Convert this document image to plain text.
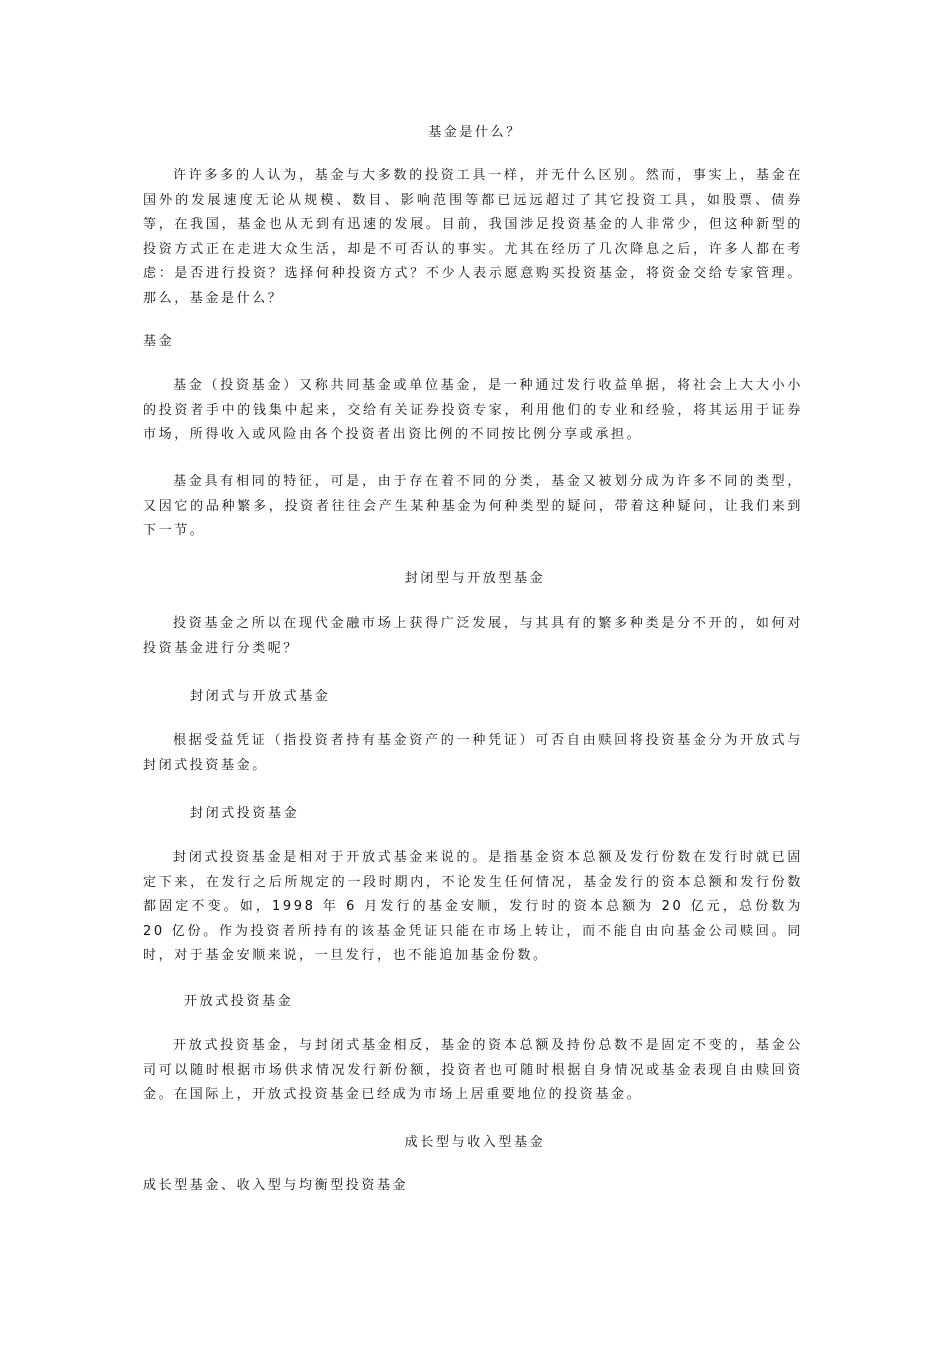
基金是什么？

许许多多的人认为，基金与大多数的投资工具一样，并无什么区别。然而，事实上，基金在国外的发展速度无论从规模、数目、影响范围等都已远远超过了其它投资工具，如股票、债券等，在我国，基金也从无到有迅速的发展。目前，我国涉足投资基金的人非常少，但这种新型的投资方式正在走进大众生活，却是不可否认的事实。尤其在经历了几次降息之后，许多人都在考虑：是否进行投资？选择何种投资方式？不少人表示愿意购买投资基金，将资金交给专家管理。那么，基金是什么？

基金

基金（投资基金）又称共同基金或单位基金，是一种通过发行收益单据，将社会上大大小小的投资者手中的钱集中起来，交给有关证券投资专家，利用他们的专业和经验，将其运用于证券市场，所得收入或风险由各个投资者出资比例的不同按比例分享或承担。

基金具有相同的特征，可是，由于存在着不同的分类，基金又被划分成为许多不同的类型，又因它的品种繁多，投资者往往会产生某种基金为何种类型的疑问，带着这种疑问，让我们来到下一节。

封闭型与开放型基金

投资基金之所以在现代金融市场上获得广泛发展，与其具有的繁多种类是分不开的，如何对投资基金进行分类呢？

封闭式与开放式基金

根据受益凭证（指投资者持有基金资产的一种凭证）可否自由赎回将投资基金分为开放式与封闭式投资基金。

封闭式投资基金

封闭式投资基金是相对于开放式基金来说的。是指基金资本总额及发行份数在发行时就已固定下来，在发行之后所规定的一段时期内，不论发生任何情况，基金发行的资本总额和发行份数都固定不变。如，1998 年 6 月发行的基金安顺，发行时的资本总额为 20 亿元，总份数为 20 亿份。作为投资者所持有的该基金凭证只能在市场上转让，而不能自由向基金公司赎回。同时，对于基金安顺来说，一旦发行，也不能追加基金份数。

开放式投资基金

开放式投资基金，与封闭式基金相反，基金的资本总额及持份总数不是固定不变的，基金公司可以随时根据市场供求情况发行新份额，投资者也可随时根据自身情况或基金表现自由赎回资金。在国际上，开放式投资基金已经成为市场上居重要地位的投资基金。

成长型与收入型基金

成长型基金、收入型与均衡型投资基金
